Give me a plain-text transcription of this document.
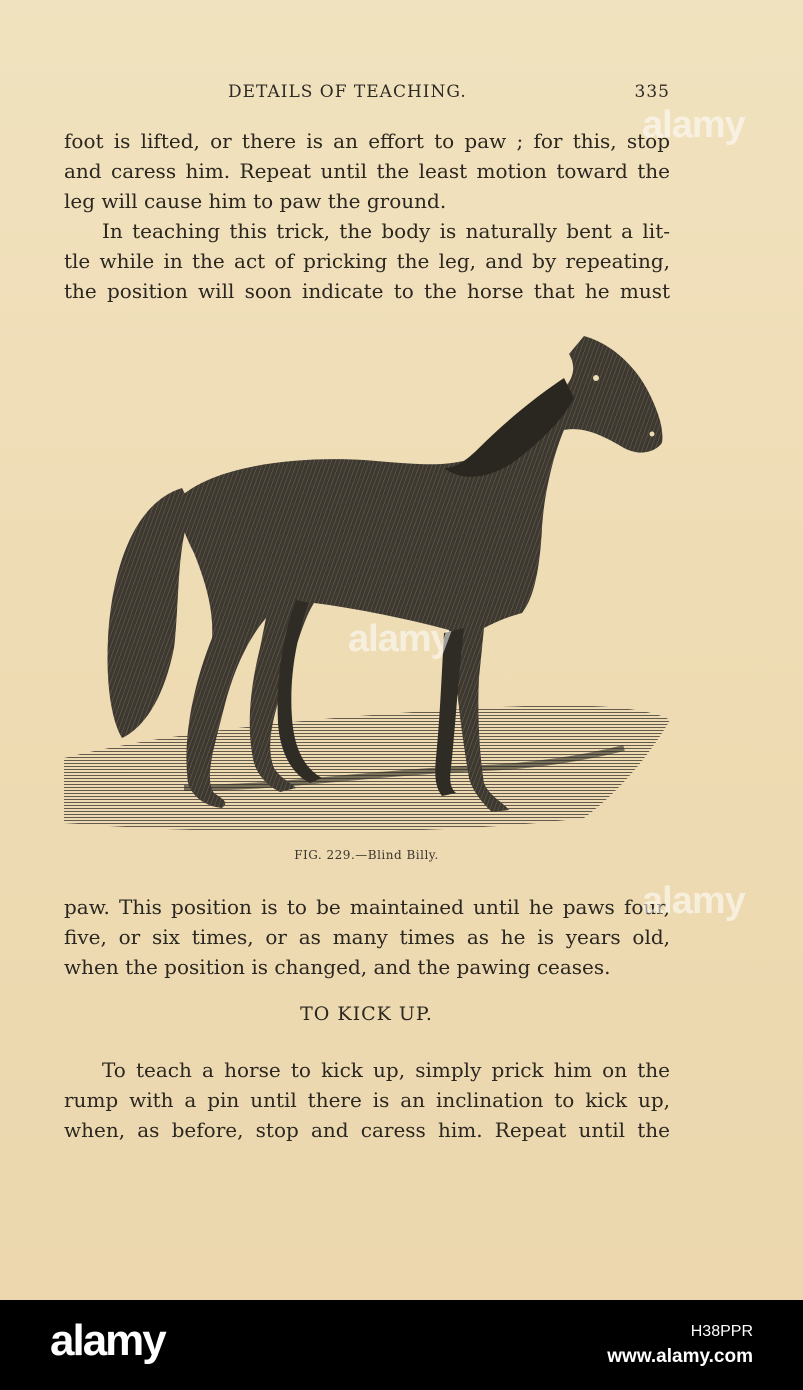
DETAILS OF TEACHING.	335
foot is lifted, or there is an effort to paw ; for this, stop
and caress him. Repeat until the least motion toward the
leg will cause him to paw the ground.
In teaching this trick, the body is naturally bent a lit-
tle while in the act of pricking the leg, and by repeating,
the position will soon indicate to the horse that he must
FIG. 229.—Blind Billy.
paw. This position is to be maintained until he paws four,
five, or six times, or as many times as he is years old,
when the position is changed, and the pawing ceases.
TO KICK UP.
To teach a horse to kick up, simply prick him on the
rump with a pin until there is an inclination to kick up,
when, as before, stop and caress him. Repeat until the
alamy
alamy
alamy
alamy	H38PPR
www.alamy.com
